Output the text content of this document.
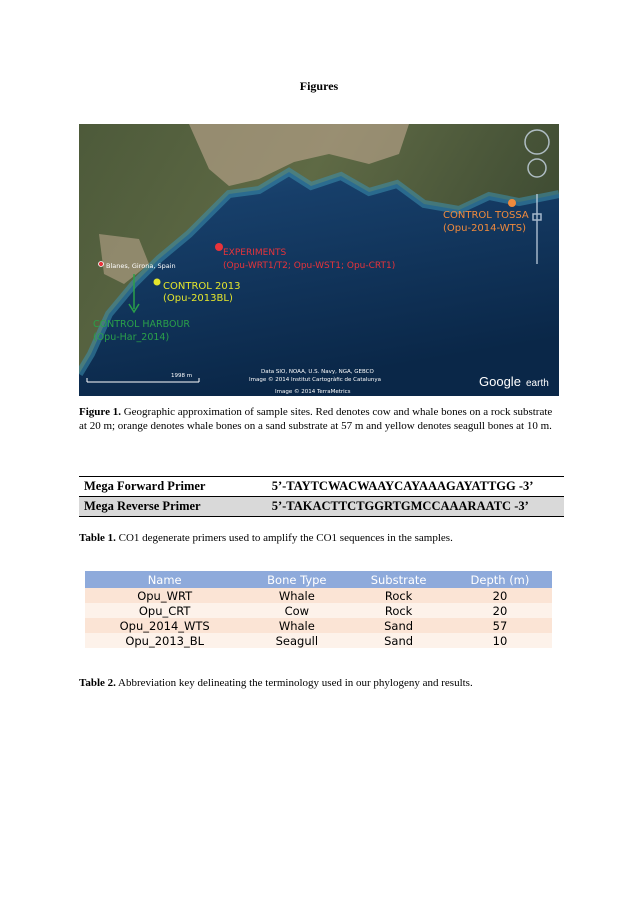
Figures
CONTROL TOSSA
(Opu-2014-WTS)
EXPERIMENTS
(Opu-WRT1/T2; Opu-WST1; Opu-CRT1)
Blanes, Girona, Spain
CONTROL 2013
(Opu-2013BL)
CONTROL HARBOUR
(Opu-Har_2014)
1998 m
Data SIO, NOAA, U.S. Navy, NGA, GEBCO
Image © 2014 Institut Cartogràfic de Catalunya
Image © 2014 TerraMetrics
Google earth
Figure 1. Geographic approximation of sample sites. Red denotes cow and whale bones on a rock substrate at 20 m; orange denotes whale bones on a sand substrate at 57 m and yellow denotes seagull bones at 10 m.
Mega Forward Primer	5’-TAYTCWACWAAYCAYAAAGAYATTGG -3’
Mega Reverse Primer	5’-TAKACTTCTGGRTGMCCAAARAATC -3’
Table 1. CO1 degenerate primers used to amplify the CO1 sequences in the samples.
Name	Bone Type	Substrate	Depth (m)
Opu_WRT	Whale	Rock	20
Opu_CRT	Cow	Rock	20
Opu_2014_WTS	Whale	Sand	57
Opu_2013_BL	Seagull	Sand	10
Table 2. Abbreviation key delineating the terminology used in our phylogeny and results.
